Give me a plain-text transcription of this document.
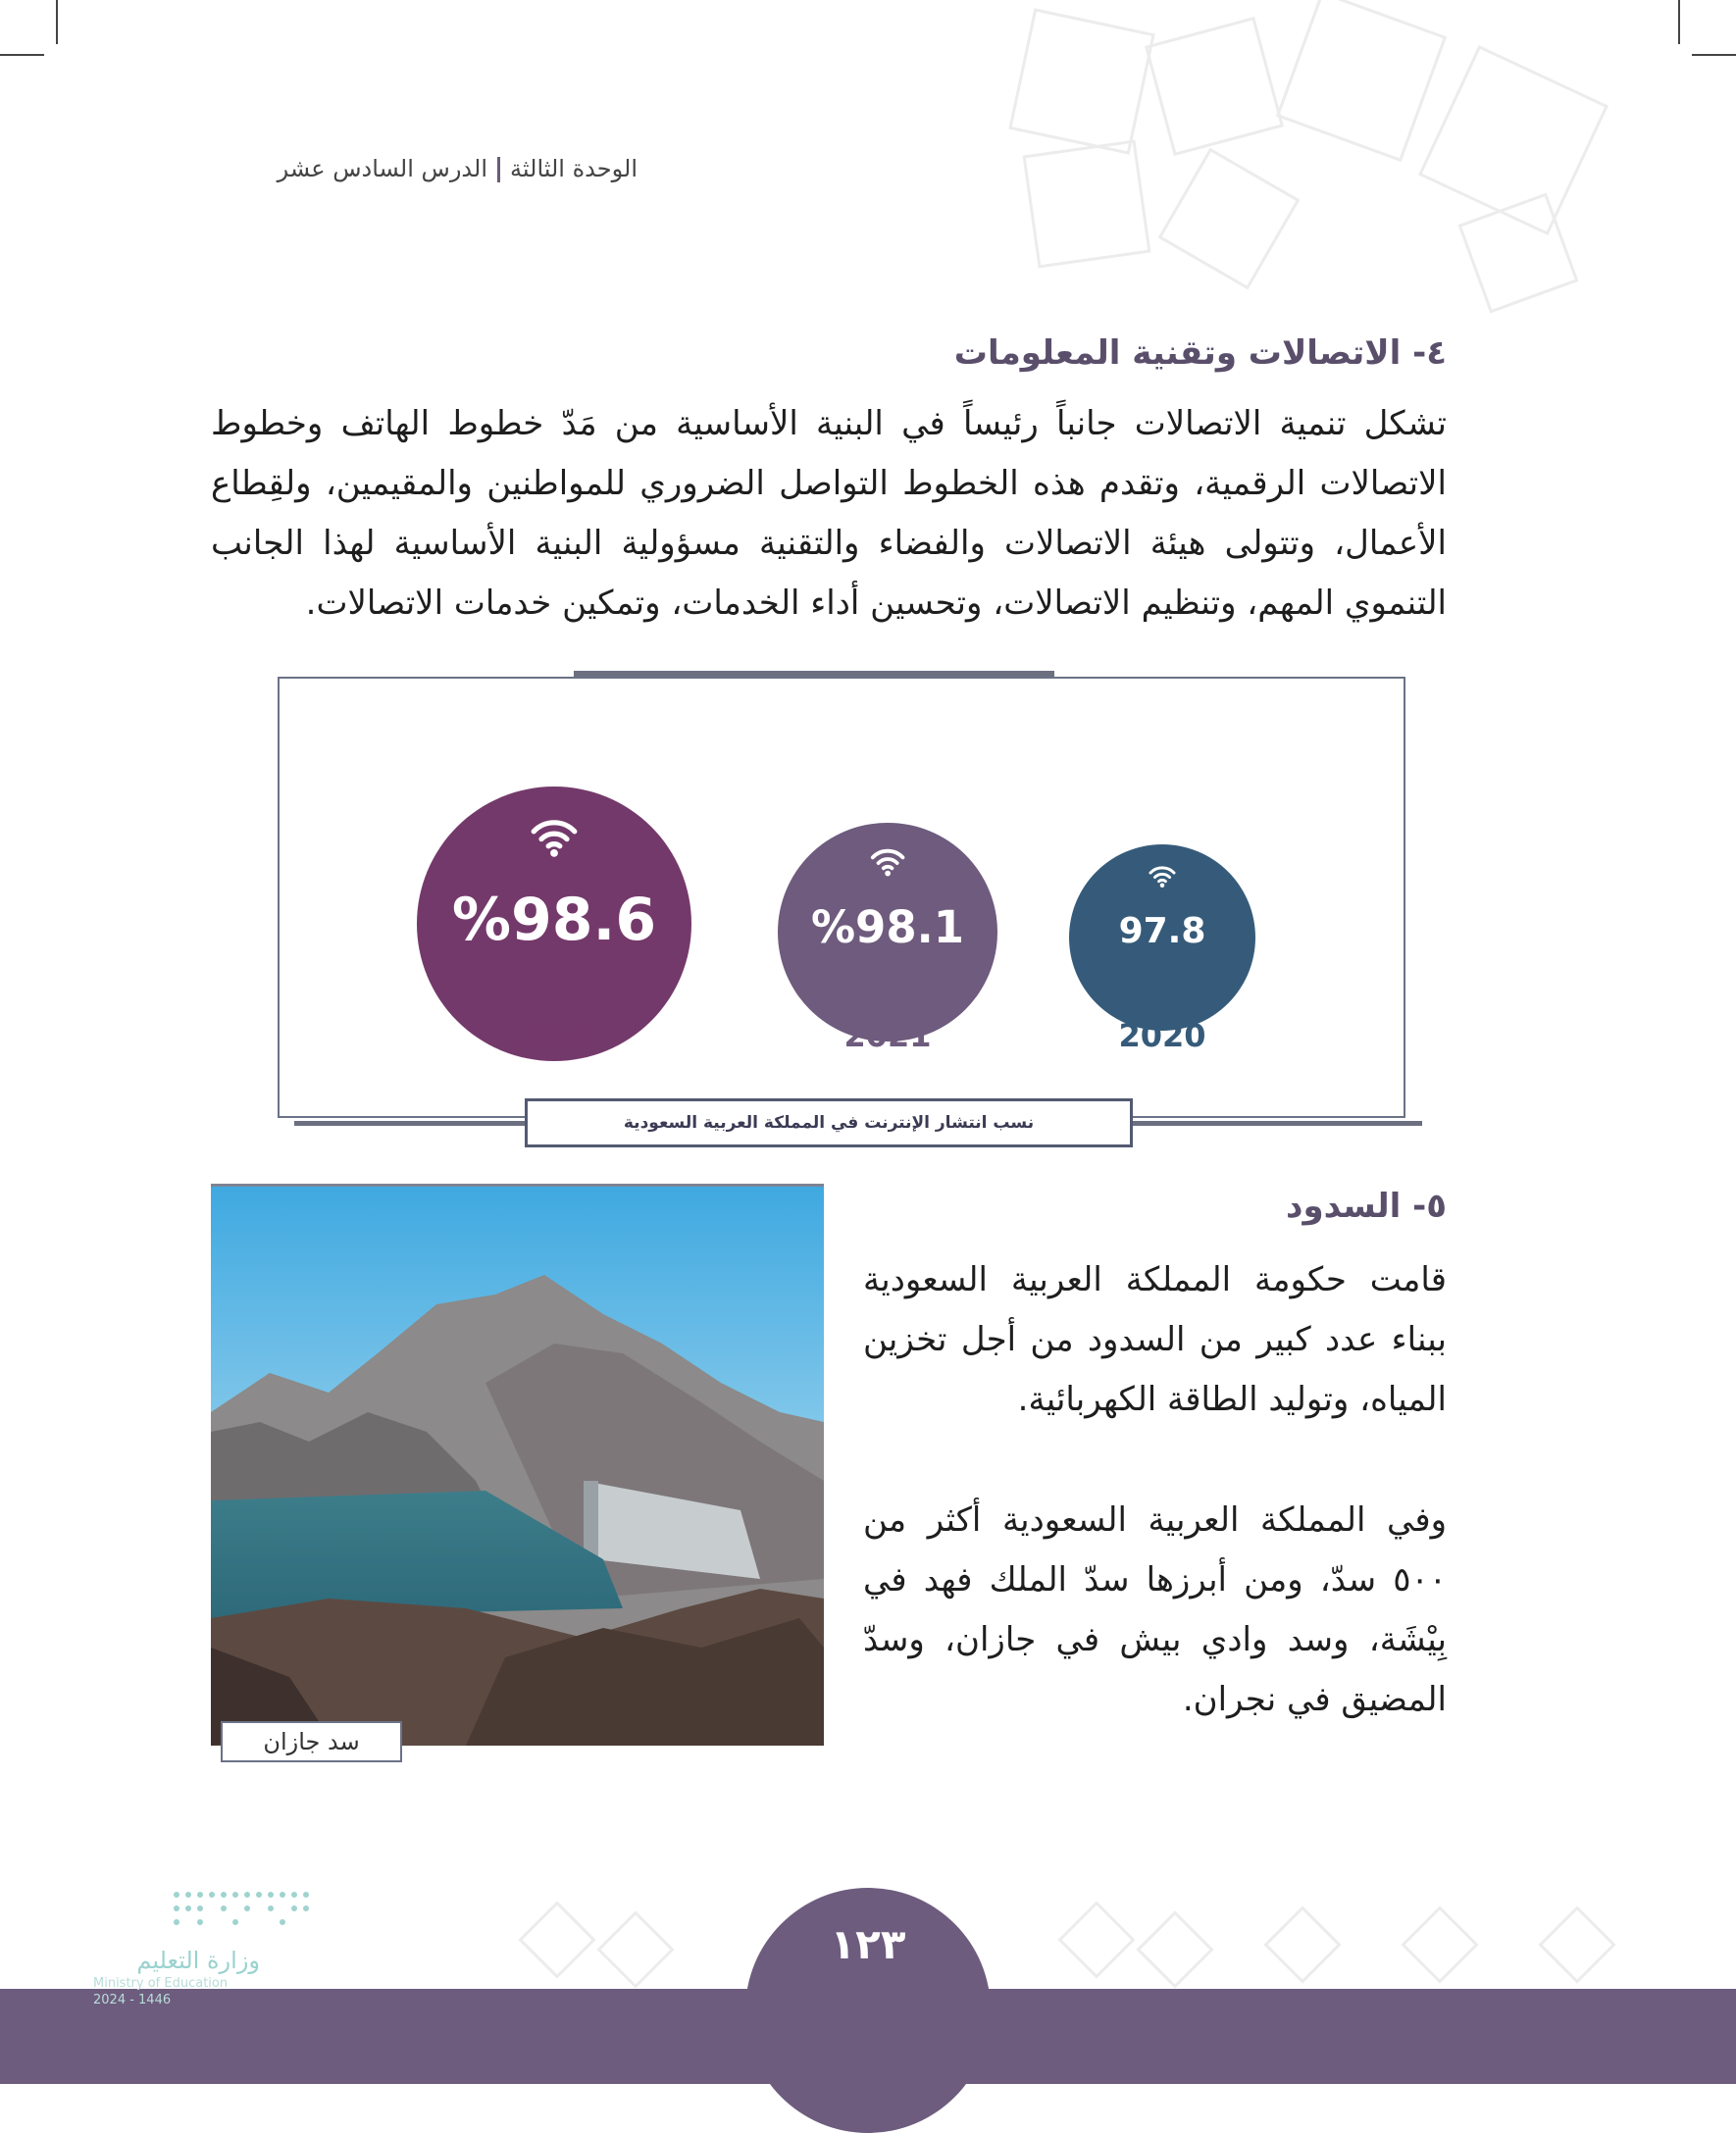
الوحدة الثالثةالدرس السادس عشر
٤- الاتصالات وتقنية المعلومات
تشكل تنمية الاتصالات جانباً رئيساً في البنية الأساسية من مَدّ خطوط الهاتف وخطوط الاتصالات الرقمية، وتقدم هذه الخطوط التواصل الضروري للمواطنين والمقيمين، ولقِطاع الأعمال، وتتولى هيئة الاتصالات والفضاء والتقنية مسؤولية البنية الأساسية لهذا الجانب التنموي المهم، وتنظيم الاتصالات، وتحسين أداء الخدمات، وتمكين خدمات الاتصالات.
%98.6
2022
%98.1
2021
97.8
2020
نسب انتشار الإنترنت في المملكة العربية السعودية
٥- السدود
قامت حكومة المملكة العربية السعودية ببناء عدد كبير من السدود من أجل تخزين المياه، وتوليد الطاقة الكهربائية.
وفي المملكة العربية السعودية أكثر من ٥٠٠ سدّ، ومن أبرزها سدّ الملك فهد في بِيْشَة، وسد وادي بيش في جازان، وسدّ المضيق في نجران.
سد جازان
١٢٣
وزارة التعليم
Ministry of Education
2024 - 1446
